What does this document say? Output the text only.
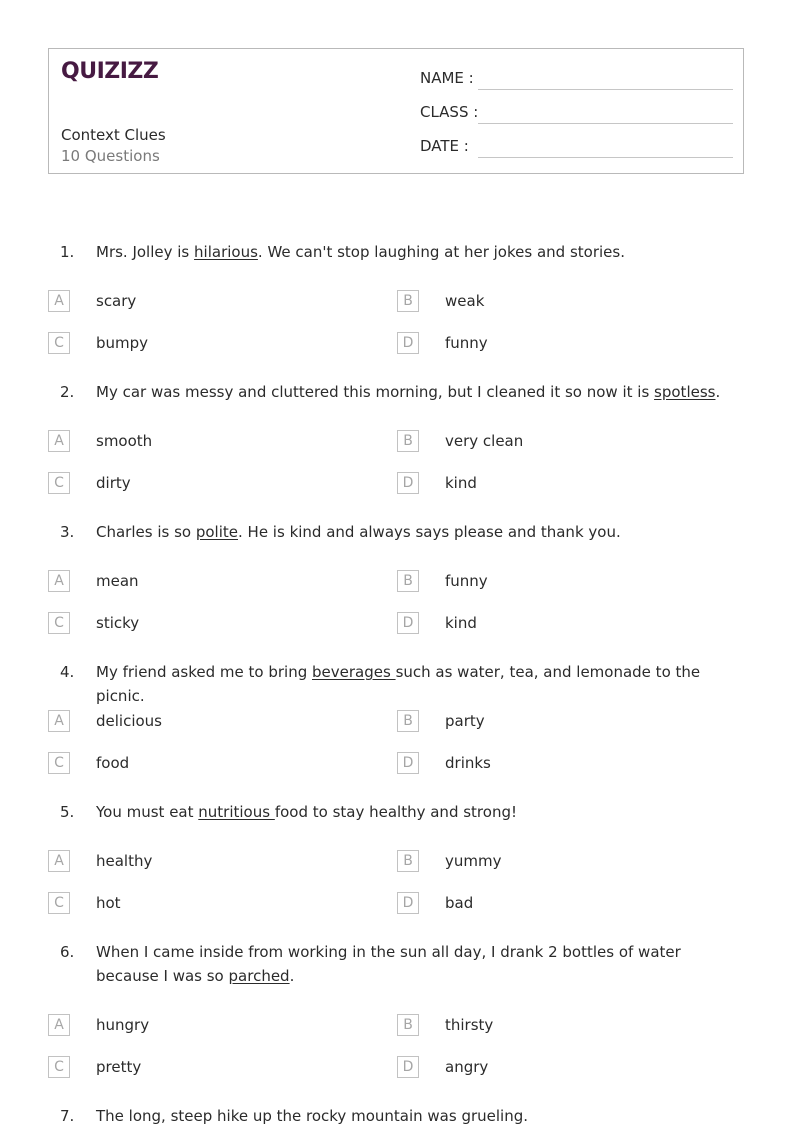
QUIZIZZ
Context Clues
10 Questions
NAME :
CLASS :
DATE :
1. Mrs. Jolley is hilarious. We can't stop laughing at her jokes and stories.
A	scary	B	weak
C	bumpy	D	funny
2. My car was messy and cluttered this morning, but I cleaned it so now it is spotless.
A	smooth	B	very clean
C	dirty	D	kind
3. Charles is so polite. He is kind and always says please and thank you.
A	mean	B	funny
C	sticky	D	kind
4. My friend asked me to bring beverages such as water, tea, and lemonade to the picnic.
A	delicious	B	party
C	food	D	drinks
5. You must eat nutritious food to stay healthy and strong!
A	healthy	B	yummy
C	hot	D	bad
6. When I came inside from working in the sun all day, I drank 2 bottles of water because I was so parched.
A	hungry	B	thirsty
C	pretty	D	angry
7. The long, steep hike up the rocky mountain was grueling.
